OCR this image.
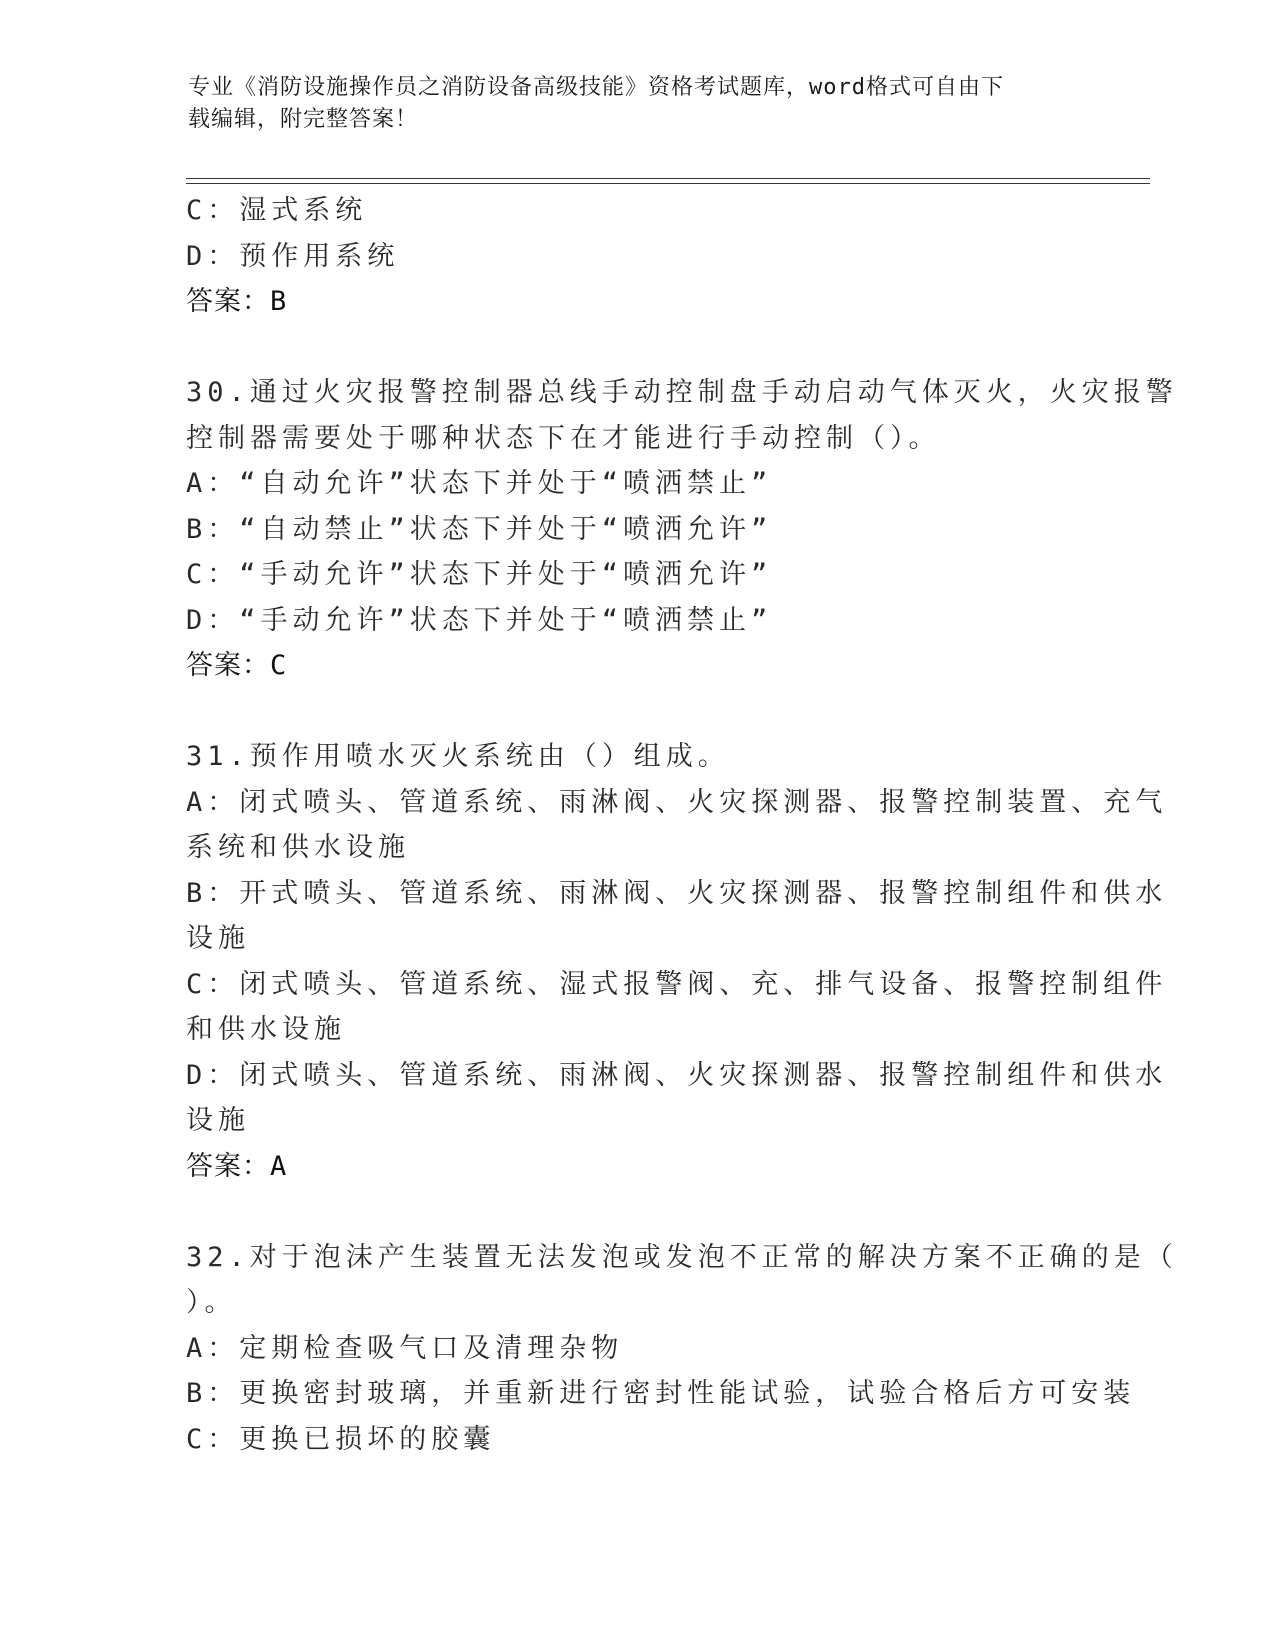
专业《消防设施操作员之消防设备高级技能》资格考试题库，word格式可自由下
载编辑，附完整答案！
C：湿式系统
D：预作用系统
答案：B
30.通过火灾报警控制器总线手动控制盘手动启动气体灭火，火灾报警
控制器需要处于哪种状态下在才能进行手动控制（）。
A：“自动允许”状态下并处于“喷洒禁止”
B：“自动禁止”状态下并处于“喷洒允许”
C：“手动允许”状态下并处于“喷洒允许”
D：“手动允许”状态下并处于“喷洒禁止”
答案：C
31.预作用喷水灭火系统由（）组成。
A：闭式喷头、管道系统、雨淋阀、火灾探测器、报警控制装置、充气
系统和供水设施
B：开式喷头、管道系统、雨淋阀、火灾探测器、报警控制组件和供水
设施
C：闭式喷头、管道系统、湿式报警阀、充、排气设备、报警控制组件
和供水设施
D：闭式喷头、管道系统、雨淋阀、火灾探测器、报警控制组件和供水
设施
答案：A
32.对于泡沫产生装置无法发泡或发泡不正常的解决方案不正确的是（
）。
A：定期检查吸气口及清理杂物
B：更换密封玻璃，并重新进行密封性能试验，试验合格后方可安装
C：更换已损坏的胶囊
